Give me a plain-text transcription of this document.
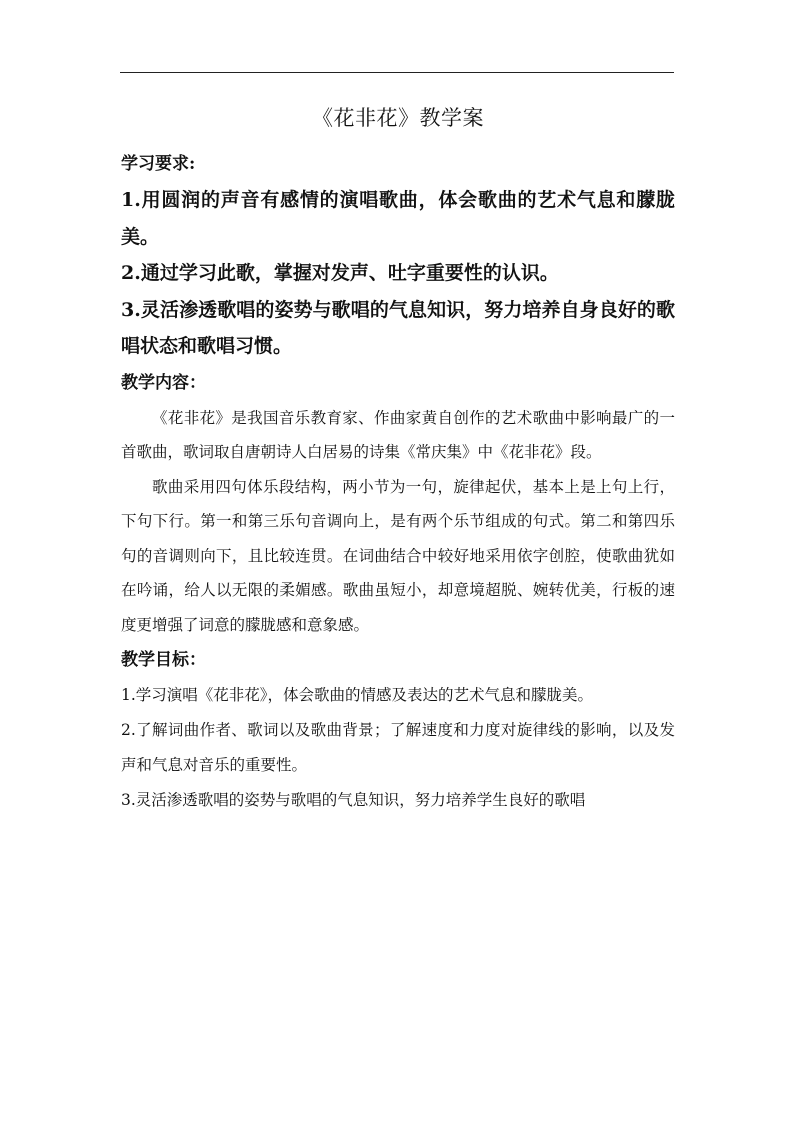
《花非花》教学案
学习要求:
1.用圆润的声音有感情的演唱歌曲，体会歌曲的艺术气息和朦胧美。
2.通过学习此歌，掌握对发声、吐字重要性的认识。
3.灵活渗透歌唱的姿势与歌唱的气息知识，努力培养自身良好的歌唱状态和歌唱习惯。
教学内容：

《花非花》是我国音乐教育家、作曲家黄自创作的艺术歌曲中影响最广的一首歌曲，歌词取自唐朝诗人白居易的诗集《常庆集》中《花非花》段。

歌曲采用四句体乐段结构，两小节为一句，旋律起伏，基本上是上句上行，下句下行。第一和第三乐句音调向上，是有两个乐节组成的句式。第二和第四乐句的音调则向下，且比较连贯。在词曲结合中较好地采用依字创腔，使歌曲犹如在吟诵，给人以无限的柔媚感。歌曲虽短小，却意境超脱、婉转优美，行板的速度更增强了词意的朦胧感和意象感。

教学目标：
1.学习演唱《花非花》，体会歌曲的情感及表达的艺术气息和朦胧美。
2.了解词曲作者、歌词以及歌曲背景；了解速度和力度对旋律线的影响，以及发声和气息对音乐的重要性。
3.灵活渗透歌唱的姿势与歌唱的气息知识，努力培养学生良好的歌唱
